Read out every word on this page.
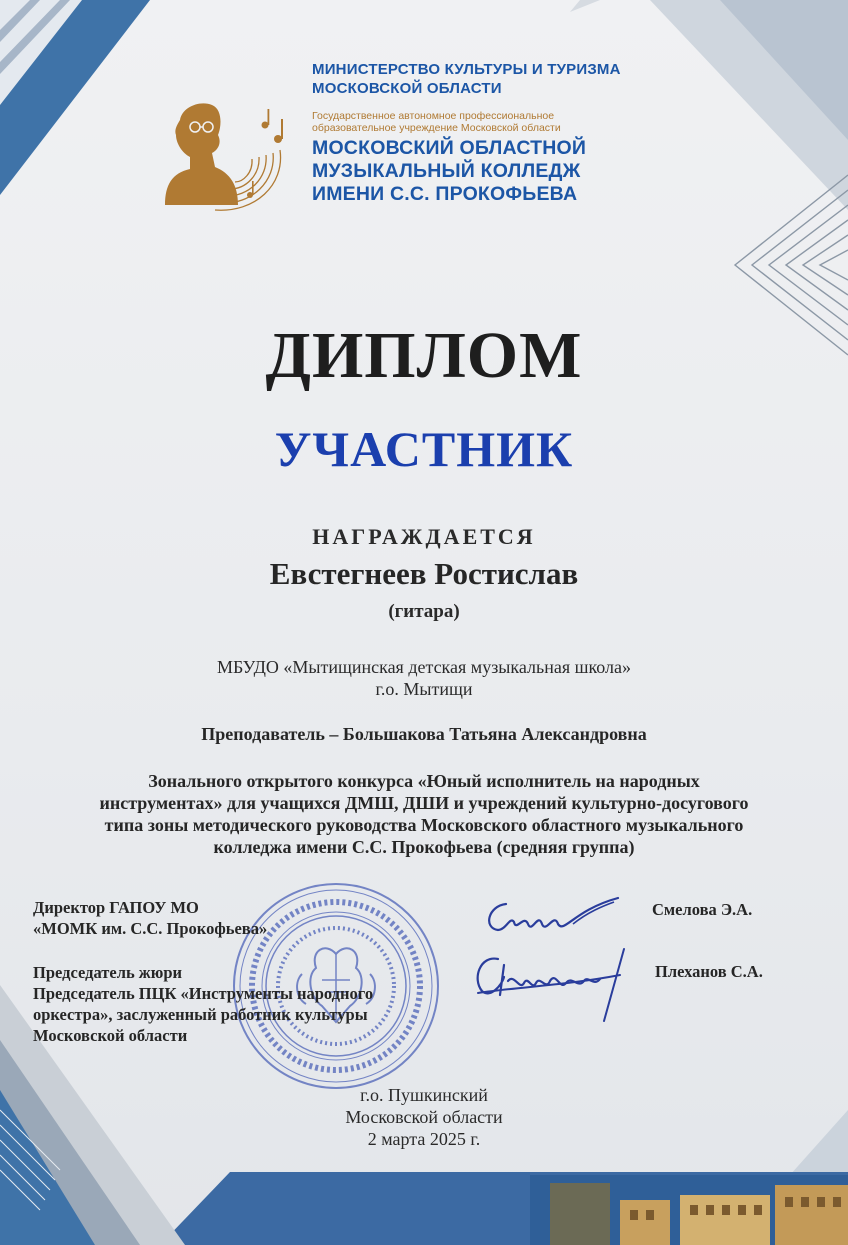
МИНИСТЕРСТВО КУЛЬТУРЫ И ТУРИЗМА
МОСКОВСКОЙ ОБЛАСТИ
Государственное автономное профессиональное
образовательное учреждение Московской области
МОСКОВСКИЙ ОБЛАСТНОЙ
МУЗЫКАЛЬНЫЙ КОЛЛЕДЖ
ИМЕНИ С.С. ПРОКОФЬЕВА
ДИПЛОМ
УЧАСТНИК
НАГРАЖДАЕТСЯ
Евстегнеев Ростислав
(гитара)
МБУДО «Мытищинская детская музыкальная школа»
г.о. Мытищи
Преподаватель – Большакова Татьяна Александровна
Зонального открытого конкурса «Юный исполнитель на народных
инструментах» для учащихся ДМШ, ДШИ и учреждений культурно-досугового
типа зоны методического руководства Московского областного музыкального
колледжа имени С.С. Прокофьева (средняя группа)
Директор ГАПОУ МО
«МОМК им. С.С. Прокофьева»
Смелова Э.А.
Председатель жюри
Председатель ПЦК «Инструменты народного
оркестра», заслуженный работник культуры
Московской области
Плеханов С.А.
г.о. Пушкинский
Московской области
2 марта 2025 г.
